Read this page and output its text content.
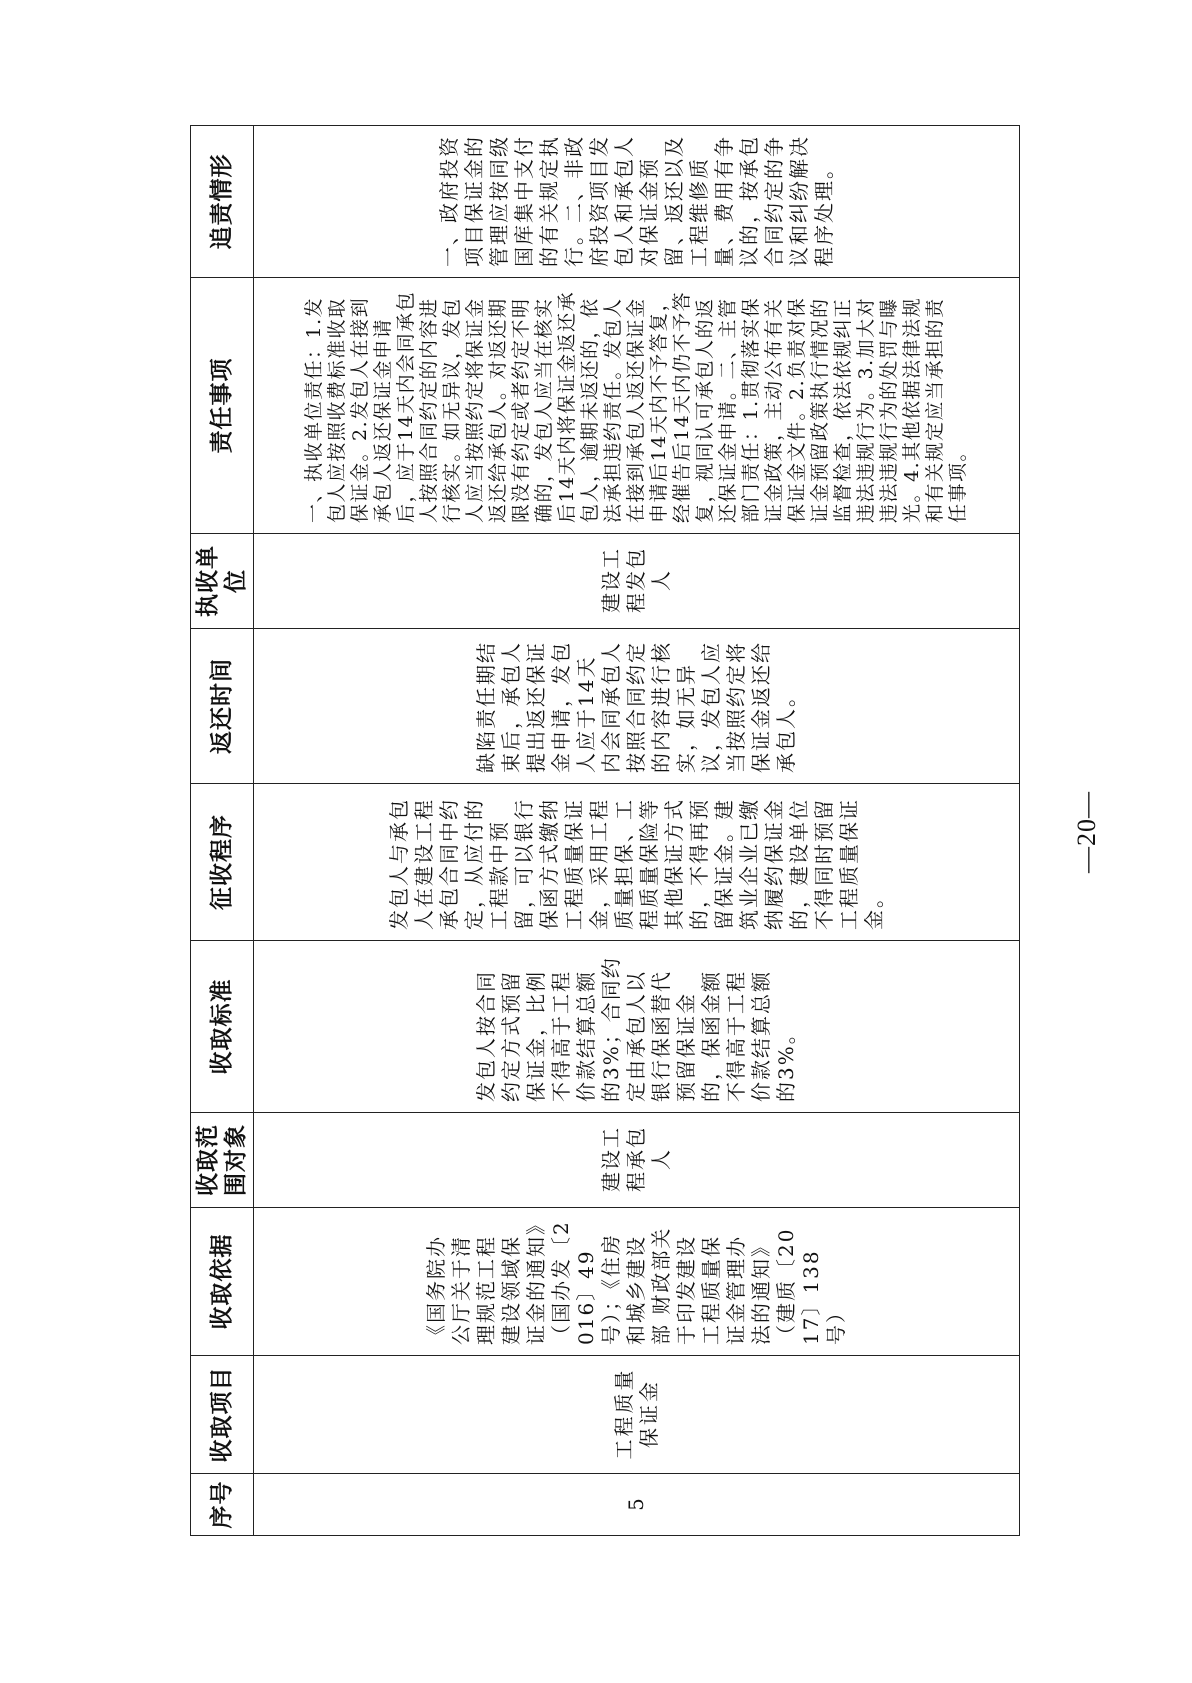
序号	收取项目	收取依据	收取范围对象	收取标准	征收程序	返还时间	执收单位	责任事项	追责情形

5	工程质量保证金	《国务院办公厅关于清理规范工程建设领域保证金的通知》（国办发〔2016〕49号）；《住房和城乡建设部 财政部关于印发建设工程质量保证金管理办法的通知》（建质〔2017〕138号）	建设工程承包人	发包人按合同约定方式预留保证金，比例不得高于工程价款结算总额的3%；合同约定由承包人以银行保函替代预留保证金的，保函金额不得高于工程价款结算总额的3%。	发包人与承包人在建设工程承包合同中约定，从应付的工程款中预留，可以银行保函方式缴纳工程质量保证金，采用工程质量担保、工程质量保险等其他保证方式的，不得再预留保证金。建筑业企业已缴纳履约保证金的，建设单位不得同时预留工程质量保证金。	缺陷责任期结束后，承包人提出返还保证金申请，发包人应于14天内会同承包人按照合同约定的内容进行核实，如无异议，发包人应当按照约定将保证金返还给承包人。	建设工程发包人	一、执收单位责任：1.发包人应按照收费标准收取保证金。2.发包人在接到承包人返还保证金申请后，应于14天内会同承包人按照合同约定的内容进行核实。如无异议，发包人应当按照约定将保证金返还给承包人。对返还期限没有约定或者约定不明确的，发包人应当在核实后14天内将保证金返还承包人，逾期未返还的，依法承担违约责任。发包人在接到承包人返还保证金申请后14天内不予答复，经催告后14天内仍不予答复，视同认可承包人的返还保证金申请。二、主管部门责任：1.贯彻落实保证金政策，主动公布有关保证金文件。2.负责对保证金预留政策执行情况的监督检查，依法依规纠正违法违规行为。3.加大对违法违规行为的处罚与曝光。4.其他依据法律法规和有关规定应当承担的责任事项。	一、政府投资项目保证金的管理应按同级国库集中支付的有关规定执行。二、非政府投资项目发包人和承包人对保证金预留、返还以及工程维修质量、费用有争议的，按承包合同约定的争议和纠纷解决程序处理。
—20—
